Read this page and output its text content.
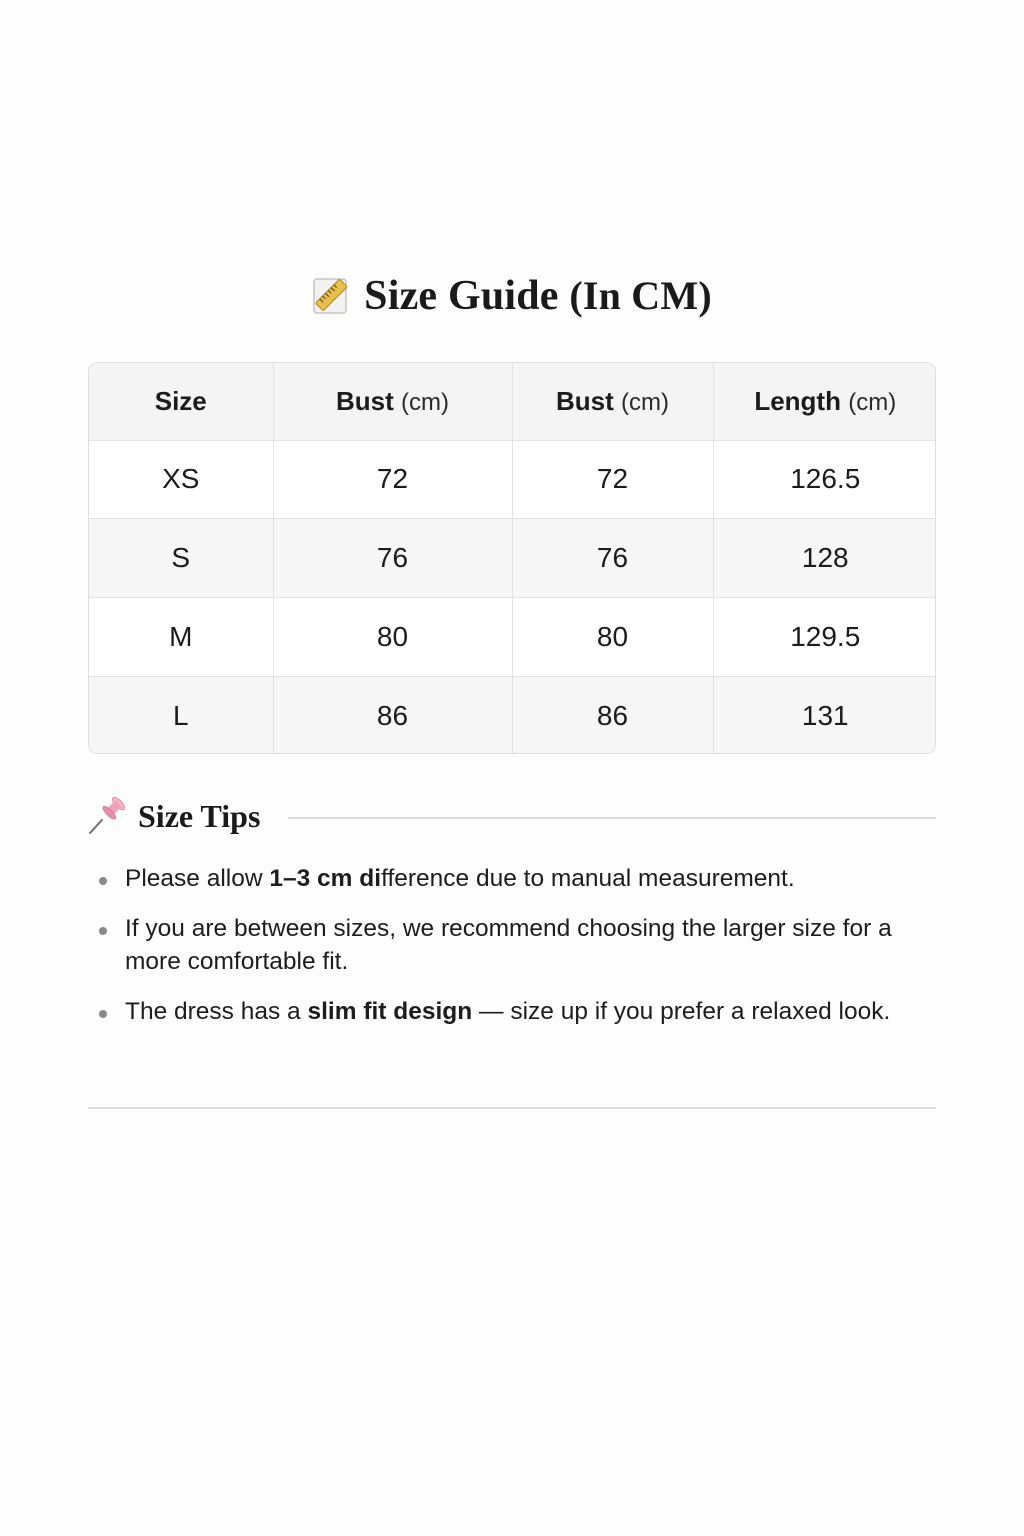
Size Guide (In CM)
Size	Bust (cm)	Bust (cm)	Length (cm)
XS	72	72	126.5
S	76	76	128
M	80	80	129.5
L	86	86	131
Size Tips
Please allow 1–3 cm difference due to manual measurement.
If you are between sizes, we recommend choosing the larger size for a more comfortable fit.
The dress has a slim fit design — size up if you prefer a relaxed look.
